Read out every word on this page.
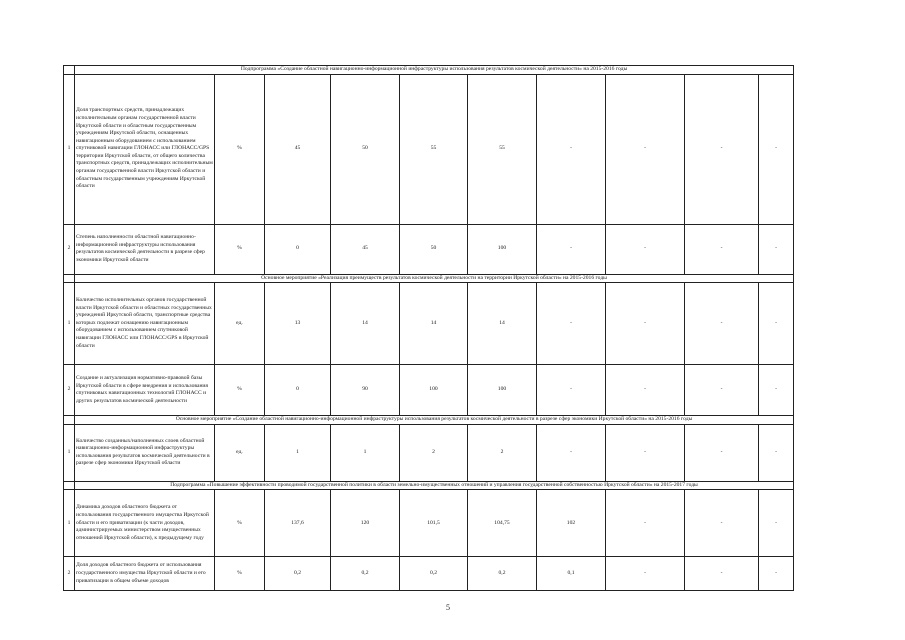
	Подпрограмма «Создание областной навигационно-информационной инфраструктуры использования результатов космической деятельности» на 2015-2016 годы									
1	Доля транспортных средств, принадлежащих исполнительным органам государственной власти Иркутской области и областным государственным учреждениям Иркутской области, оснащенных навигационным оборудованием с использованием спутниковой навигации ГЛОНАСС или ГЛОНАСС/GPS территории Иркутской области, от общего количества транспортных средств, принадлежащих исполнительным органам государственной власти Иркутской области и областным государственным учреждениям Иркутской области	%	45	50	55	55	-	-	-	-
2	Степень наполненности областной навигационно-информационной инфраструктуры использования результатов космической деятельности в разрезе сфер экономики Иркутской области	%	0	45	50	100	-	-	-	-
	Основное мероприятие «Реализация преимуществ результатов космической деятельности на территории Иркутской области» на 2015-2016 годы									
1	Количество исполнительных органов государственной власти Иркутской области и областных государственных учреждений Иркутской области, транспортные средства которых подлежат оснащению навигационным оборудованием с использованием спутниковой навигации ГЛОНАСС или ГЛОНАСС/GPS в Иркутской области	ед.	13	14	14	14	-	-	-	-
2	Создание и актуализация нормативно-правовой базы Иркутской области в сфере внедрения и использования спутниковых навигационных технологий ГЛОНАСС и других результатов космической деятельности	%	0	90	100	100	-	-	-	-
	Основное мероприятие «Создание областной навигационно-информационной инфраструктуры использования результатов космической деятельности в разрезе сфер экономики Иркутской области» на 2015-2016 годы									
1	Количество созданных/наполненных слоев областной навигационно-информационной инфраструктуры использования результатов космической деятельности в разрезе сфер экономики Иркутской области	ед.	1	1	2	2	-	-	-	-
	Подпрограмма «Повышение эффективности проводимой государственной политики в области земельно-имущественных отношений и управления государственной собственностью Иркутской области» на 2015-2017 годы									
1	Динамика доходов областного бюджета от использования государственного имущества Иркутской области и его приватизации (к части доходов, администрируемых министерством имущественных отношений Иркутской области), к предыдущему году	%	137,6	120	101,5	104,75	102	-	-	-
2	Доля доходов областного бюджета от использования государственного имущества Иркутской области и его приватизации в общем объеме доходов	%	0,2	0,2	0,2	0,2	0,1	-	-	-
5
